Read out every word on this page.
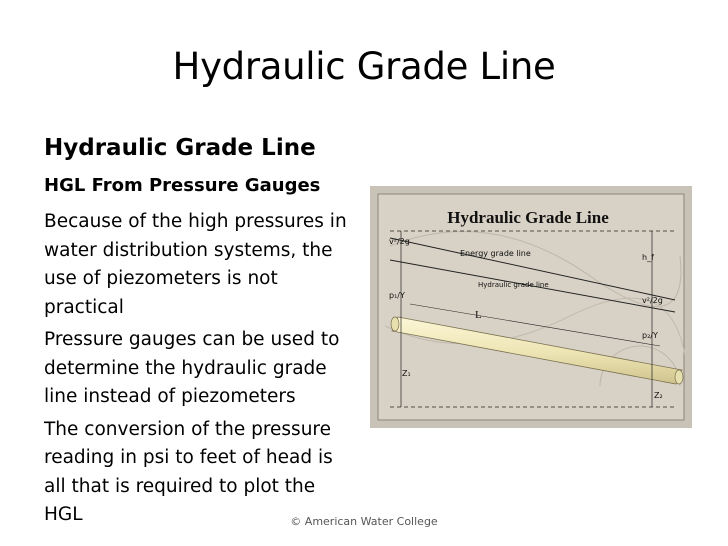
Hydraulic Grade Line
Hydraulic Grade Line
HGL From Pressure Gauges

Because of the high pressures in water distribution systems, the use of piezometers is not practical

Pressure gauges can be used to determine the hydraulic grade line instead of piezometers

The conversion of the pressure reading in psi to feet of head is all that is required to plot the HGL

Hydraulic Grade Line
Energy grade line
Hydraulic grade line
L
v²/2g
p₁/Y
Z₁
h_f
v²/2g
p₂/Y
Z₂
© American Water College
